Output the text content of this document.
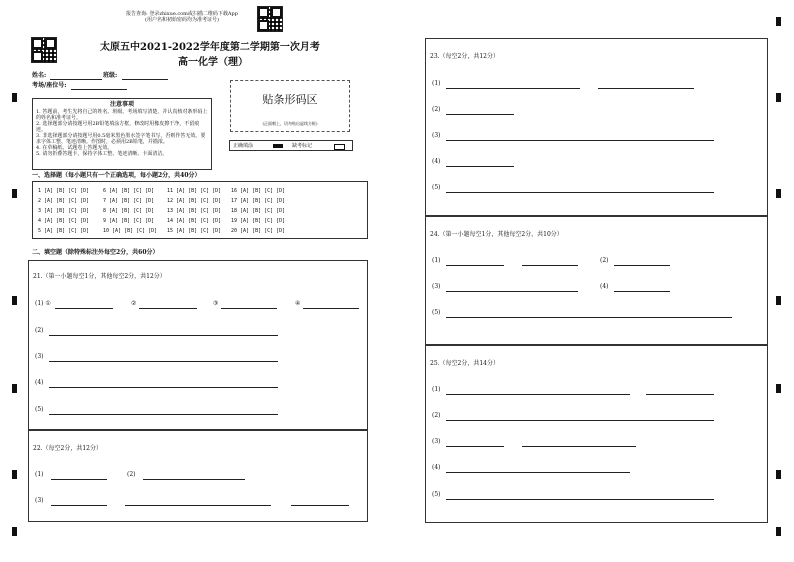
报告查询: 登录zhixue.com或扫描二维码下载App
(用户名和初始密码均为准考证号)
太原五中2021-2022学年度第二学期第一次月考
高一化学（理）
姓名:	班级:
考场/座位号:
注意事项
1. 答题前，考生先将自己的姓名、班级、考场填写清楚，并认真核对条形码上的姓名和准考证号。
2. 选择题部分请按题号用2B铅笔填涂方框，修改时用橡皮擦干净，不留痕迹。
3. 非选择题部分请按题号用0.5毫米黑色墨水签字笔书写，否则作答无效。要求字体工整、笔迹清晰。作图时，必须用2B铅笔，并描浓。
4. 在草稿纸、试题卷上答题无效。
5. 请勿折叠答题卡，保持字体工整、笔迹清晰、卡面清洁。
贴条形码区
(正面朝上，切勿贴出虚线方框)
正确填涂	缺考标记
一、选择题（每小题只有一个正确选项，每小题2分，共40分）
1 [A] [B] [C] [D]
2 [A] [B] [C] [D]
3 [A] [B] [C] [D]
4 [A] [B] [C] [D]
5 [A] [B] [C] [D]
6 [A] [B] [C] [D]
7 [A] [B] [C] [D]
8 [A] [B] [C] [D]
9 [A] [B] [C] [D]
10 [A] [B] [C] [D]
11 [A] [B] [C] [D]
12 [A] [B] [C] [D]
13 [A] [B] [C] [D]
14 [A] [B] [C] [D]
15 [A] [B] [C] [D]
16 [A] [B] [C] [D]
17 [A] [B] [C] [D]
18 [A] [B] [C] [D]
19 [A] [B] [C] [D]
20 [A] [B] [C] [D]
二、填空题（除特殊标注外每空2分，共60分）
21.（第一小题每空1分，其他每空2分，共12分）
(1) ①	②	③	④
(2)
(3)
(4)
(5)
22.（每空2分，共12分）
(1)	(2)
(3)
23.（每空2分，共12分）
(1)
(2)
(3)
(4)
(5)
24.（第一小题每空1分，其他每空2分，共10分）
(1)	(2)
(3)	(4)
(5)
25.（每空2分，共14分）
(1)
(2)
(3)
(4)
(5)
